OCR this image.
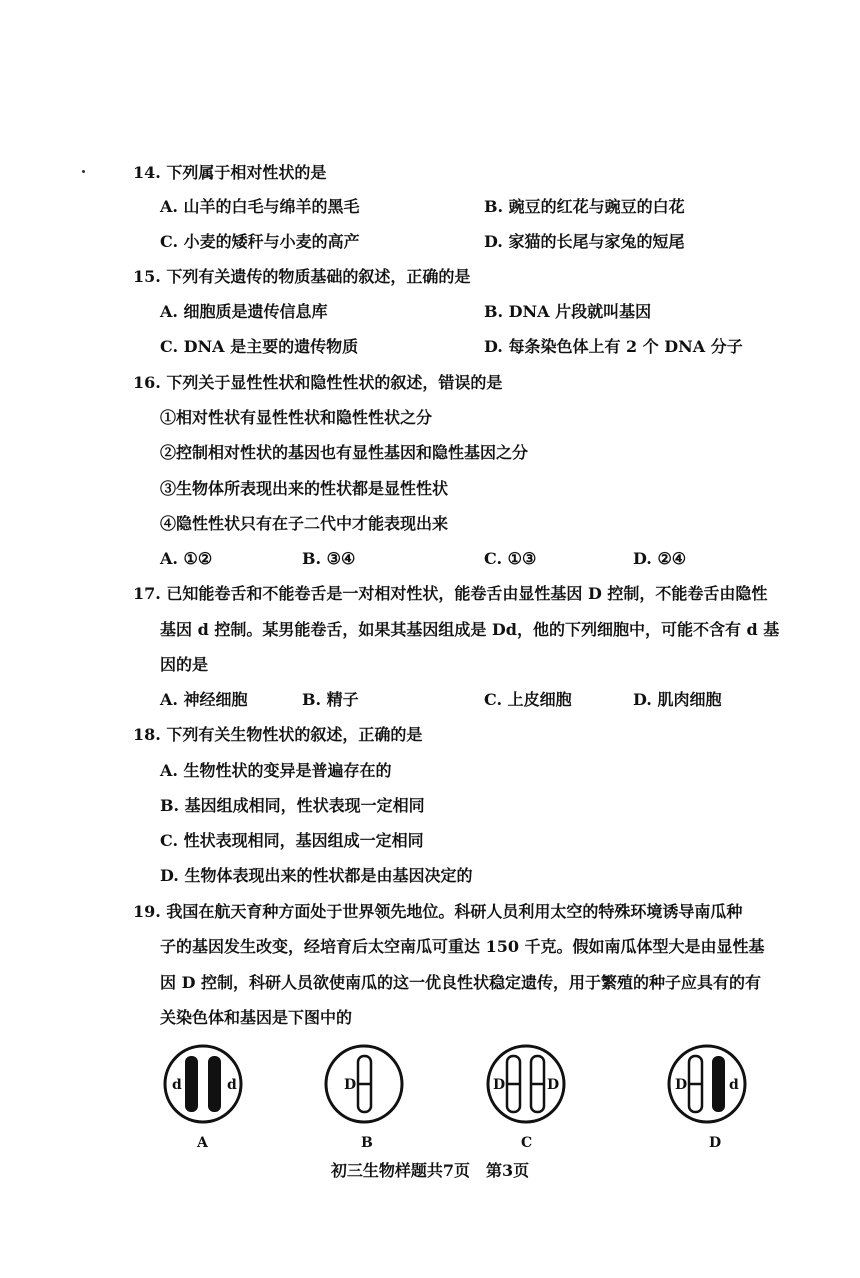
14. 下列属于相对性状的是
A. 山羊的白毛与绵羊的黑毛	B. 豌豆的红花与豌豆的白花
C. 小麦的矮秆与小麦的高产	D. 家猫的长尾与家兔的短尾
15. 下列有关遗传的物质基础的叙述，正确的是
A. 细胞质是遗传信息库	B. DNA 片段就叫基因
C. DNA 是主要的遗传物质	D. 每条染色体上有 2 个 DNA 分子
16. 下列关于显性性状和隐性性状的叙述，错误的是
①相对性状有显性性状和隐性性状之分
②控制相对性状的基因也有显性基因和隐性基因之分
③生物体所表现出来的性状都是显性性状
④隐性性状只有在子二代中才能表现出来
A. ①②	B. ③④	C. ①③	D. ②④
17. 已知能卷舌和不能卷舌是一对相对性状，能卷舌由显性基因 D 控制，不能卷舌由隐性
基因 d 控制。某男能卷舌，如果其基因组成是 Dd，他的下列细胞中，可能不含有 d 基
因的是
A. 神经细胞	B. 精子	C. 上皮细胞	D. 肌肉细胞
18. 下列有关生物性状的叙述，正确的是
A. 生物性状的变异是普遍存在的
B. 基因组成相同，性状表现一定相同
C. 性状表现相同，基因组成一定相同
D. 生物体表现出来的性状都是由基因决定的
19. 我国在航天育种方面处于世界领先地位。科研人员利用太空的特殊环境诱导南瓜种
子的基因发生改变，经培育后太空南瓜可重达 150 千克。假如南瓜体型大是由显性基
因 D 控制，科研人员欲使南瓜的这一优良性状稳定遗传，用于繁殖的种子应具有的有
关染色体和基因是下图中的
d	d
A
D
B
D	D
C
D	d
D
初三生物样题共7页　第3页
